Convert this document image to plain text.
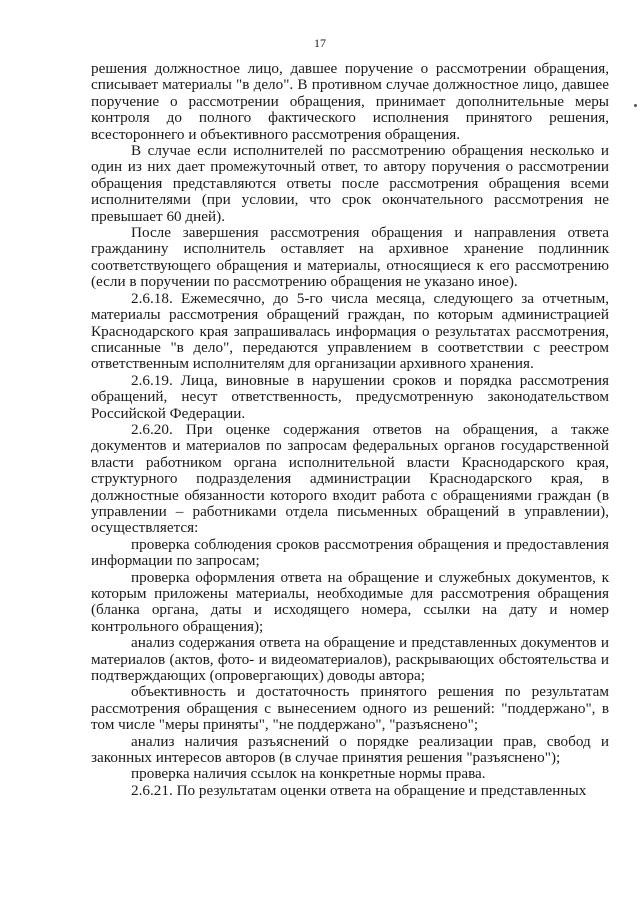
17

решения должностное лицо, давшее поручение о рассмотрении обращения, списывает материалы "в дело". В противном случае должностное лицо, давшее поручение о рассмотрении обращения, принимает дополнительные меры контроля до полного фактического исполнения принятого решения, всестороннего и объективного рассмотрения обращения.

В случае если исполнителей по рассмотрению обращения несколько и один из них дает промежуточный ответ, то автору поручения о рассмотрении обращения представляются ответы после рассмотрения обращения всеми исполнителями (при условии, что срок окончательного рассмотрения не превышает 60 дней).

После завершения рассмотрения обращения и направления ответа гражданину исполнитель оставляет на архивное хранение подлинник соответствующего обращения и материалы, относящиеся к его рассмотрению (если в поручении по рассмотрению обращения не указано иное).

2.6.18. Ежемесячно, до 5-го числа месяца, следующего за отчетным, материалы рассмотрения обращений граждан, по которым администрацией Краснодарского края запрашивалась информация о результатах рассмотрения, списанные "в дело", передаются управлением в соответствии с реестром ответственным исполнителям для организации архивного хранения.

2.6.19. Лица, виновные в нарушении сроков и порядка рассмотрения обращений, несут ответственность, предусмотренную законодательством Российской Федерации.

2.6.20. При оценке содержания ответов на обращения, а также документов и материалов по запросам федеральных органов государственной власти работником органа исполнительной власти Краснодарского края, структурного подразделения администрации Краснодарского края, в должностные обязанности которого входит работа с обращениями граждан (в управлении – работниками отдела письменных обращений в управлении), осуществляется:

проверка соблюдения сроков рассмотрения обращения и предоставления информации по запросам;

проверка оформления ответа на обращение и служебных документов, к которым приложены материалы, необходимые для рассмотрения обращения (бланка органа, даты и исходящего номера, ссылки на дату и номер контрольного обращения);

анализ содержания ответа на обращение и представленных документов и материалов (актов, фото- и видеоматериалов), раскрывающих обстоятельства и подтверждающих (опровергающих) доводы автора;

объективность и достаточность принятого решения по результатам рассмотрения обращения с вынесением одного из решений: "поддержано", в том числе "меры приняты", "не поддержано", "разъяснено";

анализ наличия разъяснений о порядке реализации прав, свобод и законных интересов авторов (в случае принятия решения "разъяснено");

проверка наличия ссылок на конкретные нормы права.

2.6.21. По результатам оценки ответа на обращение и представленных
